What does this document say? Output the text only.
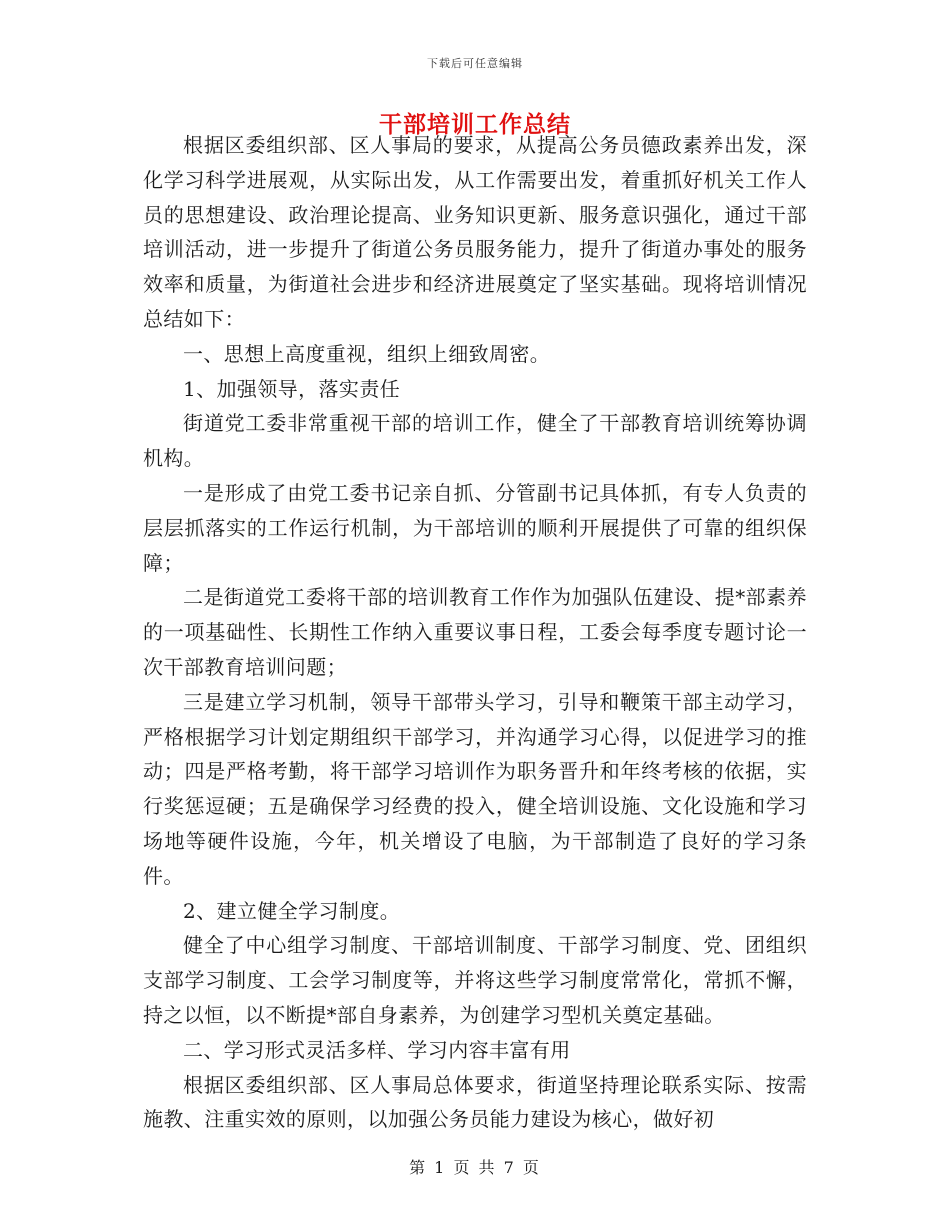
下载后可任意编辑
干部培训工作总结

根据区委组织部、区人事局的要求，从提高公务员德政素养出发，深化学习科学进展观，从实际出发，从工作需要出发，着重抓好机关工作人员的思想建设、政治理论提高、业务知识更新、服务意识强化，通过干部培训活动，进一步提升了街道公务员服务能力，提升了街道办事处的服务效率和质量，为街道社会进步和经济进展奠定了坚实基础。现将培训情况总结如下：

一、思想上高度重视，组织上细致周密。

1、加强领导，落实责任

街道党工委非常重视干部的培训工作，健全了干部教育培训统筹协调机构。

一是形成了由党工委书记亲自抓、分管副书记具体抓，有专人负责的层层抓落实的工作运行机制，为干部培训的顺利开展提供了可靠的组织保障；

二是街道党工委将干部的培训教育工作作为加强队伍建设、提*部素养的一项基础性、长期性工作纳入重要议事日程，工委会每季度专题讨论一次干部教育培训问题；

三是建立学习机制，领导干部带头学习，引导和鞭策干部主动学习，严格根据学习计划定期组织干部学习，并沟通学习心得，以促进学习的推动；四是严格考勤，将干部学习培训作为职务晋升和年终考核的依据，实行奖惩逗硬；五是确保学习经费的投入，健全培训设施、文化设施和学习场地等硬件设施，今年，机关增设了电脑，为干部制造了良好的学习条件。

2、建立健全学习制度。

健全了中心组学习制度、干部培训制度、干部学习制度、党、团组织支部学习制度、工会学习制度等，并将这些学习制度常常化，常抓不懈，持之以恒，以不断提*部自身素养，为创建学习型机关奠定基础。

二、学习形式灵活多样、学习内容丰富有用

根据区委组织部、区人事局总体要求，街道坚持理论联系实际、按需施教、注重实效的原则，以加强公务员能力建设为核心，做好初

第 1 页 共 7 页
